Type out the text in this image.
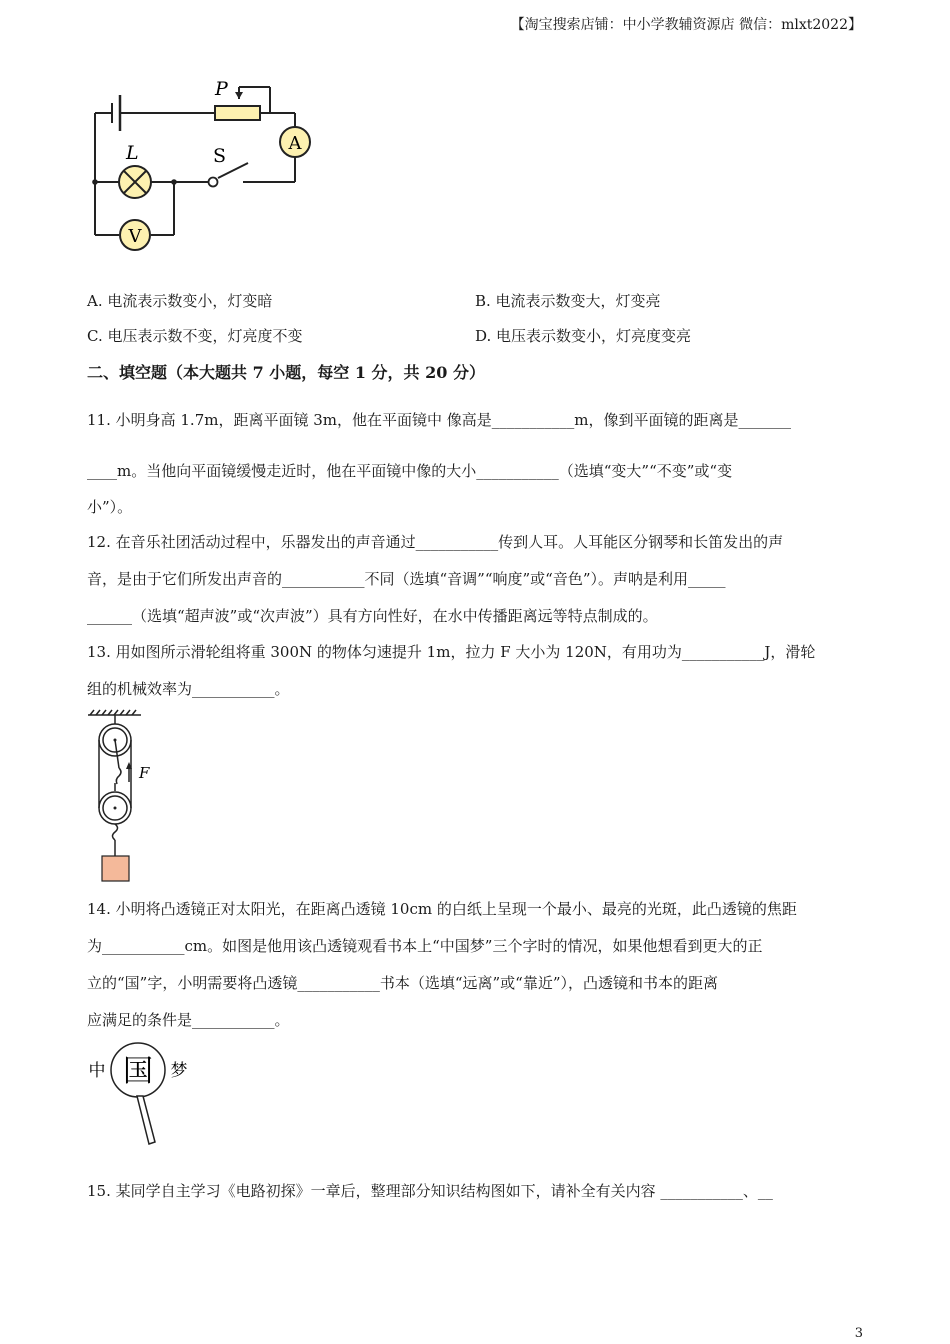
【淘宝搜索店铺：中小学教辅资源店 微信：mlxt2022】
P
A
L	S
V
A. 电流表示数变小，灯变暗	B. 电流表示数变大，灯变亮
C. 电压表示数不变，灯亮度不变	D. 电压表示数变小，灯亮度变亮
二、填空题（本大题共 7 小题，每空 1 分，共 20 分）
11. 小明身高 1.7m，距离平面镜 3m，他在平面镜中 像高是___________m，像到平面镜的距离是_______
____m。当他向平面镜缓慢走近时，他在平面镜中像的大小___________（选填“变大”“不变”或“变
小”）。
12. 在音乐社团活动过程中，乐器发出的声音通过___________传到人耳。人耳能区分钢琴和长笛发出的声
音，是由于它们所发出声音的___________不同（选填“音调”“响度”或“音色”）。声呐是利用_____
______（选填“超声波”或“次声波”）具有方向性好，在水中传播距离远等特点制成的。
13. 用如图所示滑轮组将重 300N 的物体匀速提升 1m，拉力 F 大小为 120N，有用功为___________J，滑轮
组的机械效率为___________。
F
14. 小明将凸透镜正对太阳光，在距离凸透镜 10cm 的白纸上呈现一个最小、最亮的光斑，此凸透镜的焦距
为___________cm。如图是他用该凸透镜观看书本上“中国梦”三个字时的情况，如果他想看到更大的正
立的“国”字，小明需要将凸透镜___________书本（选填“远离”或“靠近”），凸透镜和书本的距离
应满足的条件是___________。
中 国 梦
15. 某同学自主学习《电路初探》一章后，整理部分知识结构图如下，请补全有关内容 ___________、__
3
